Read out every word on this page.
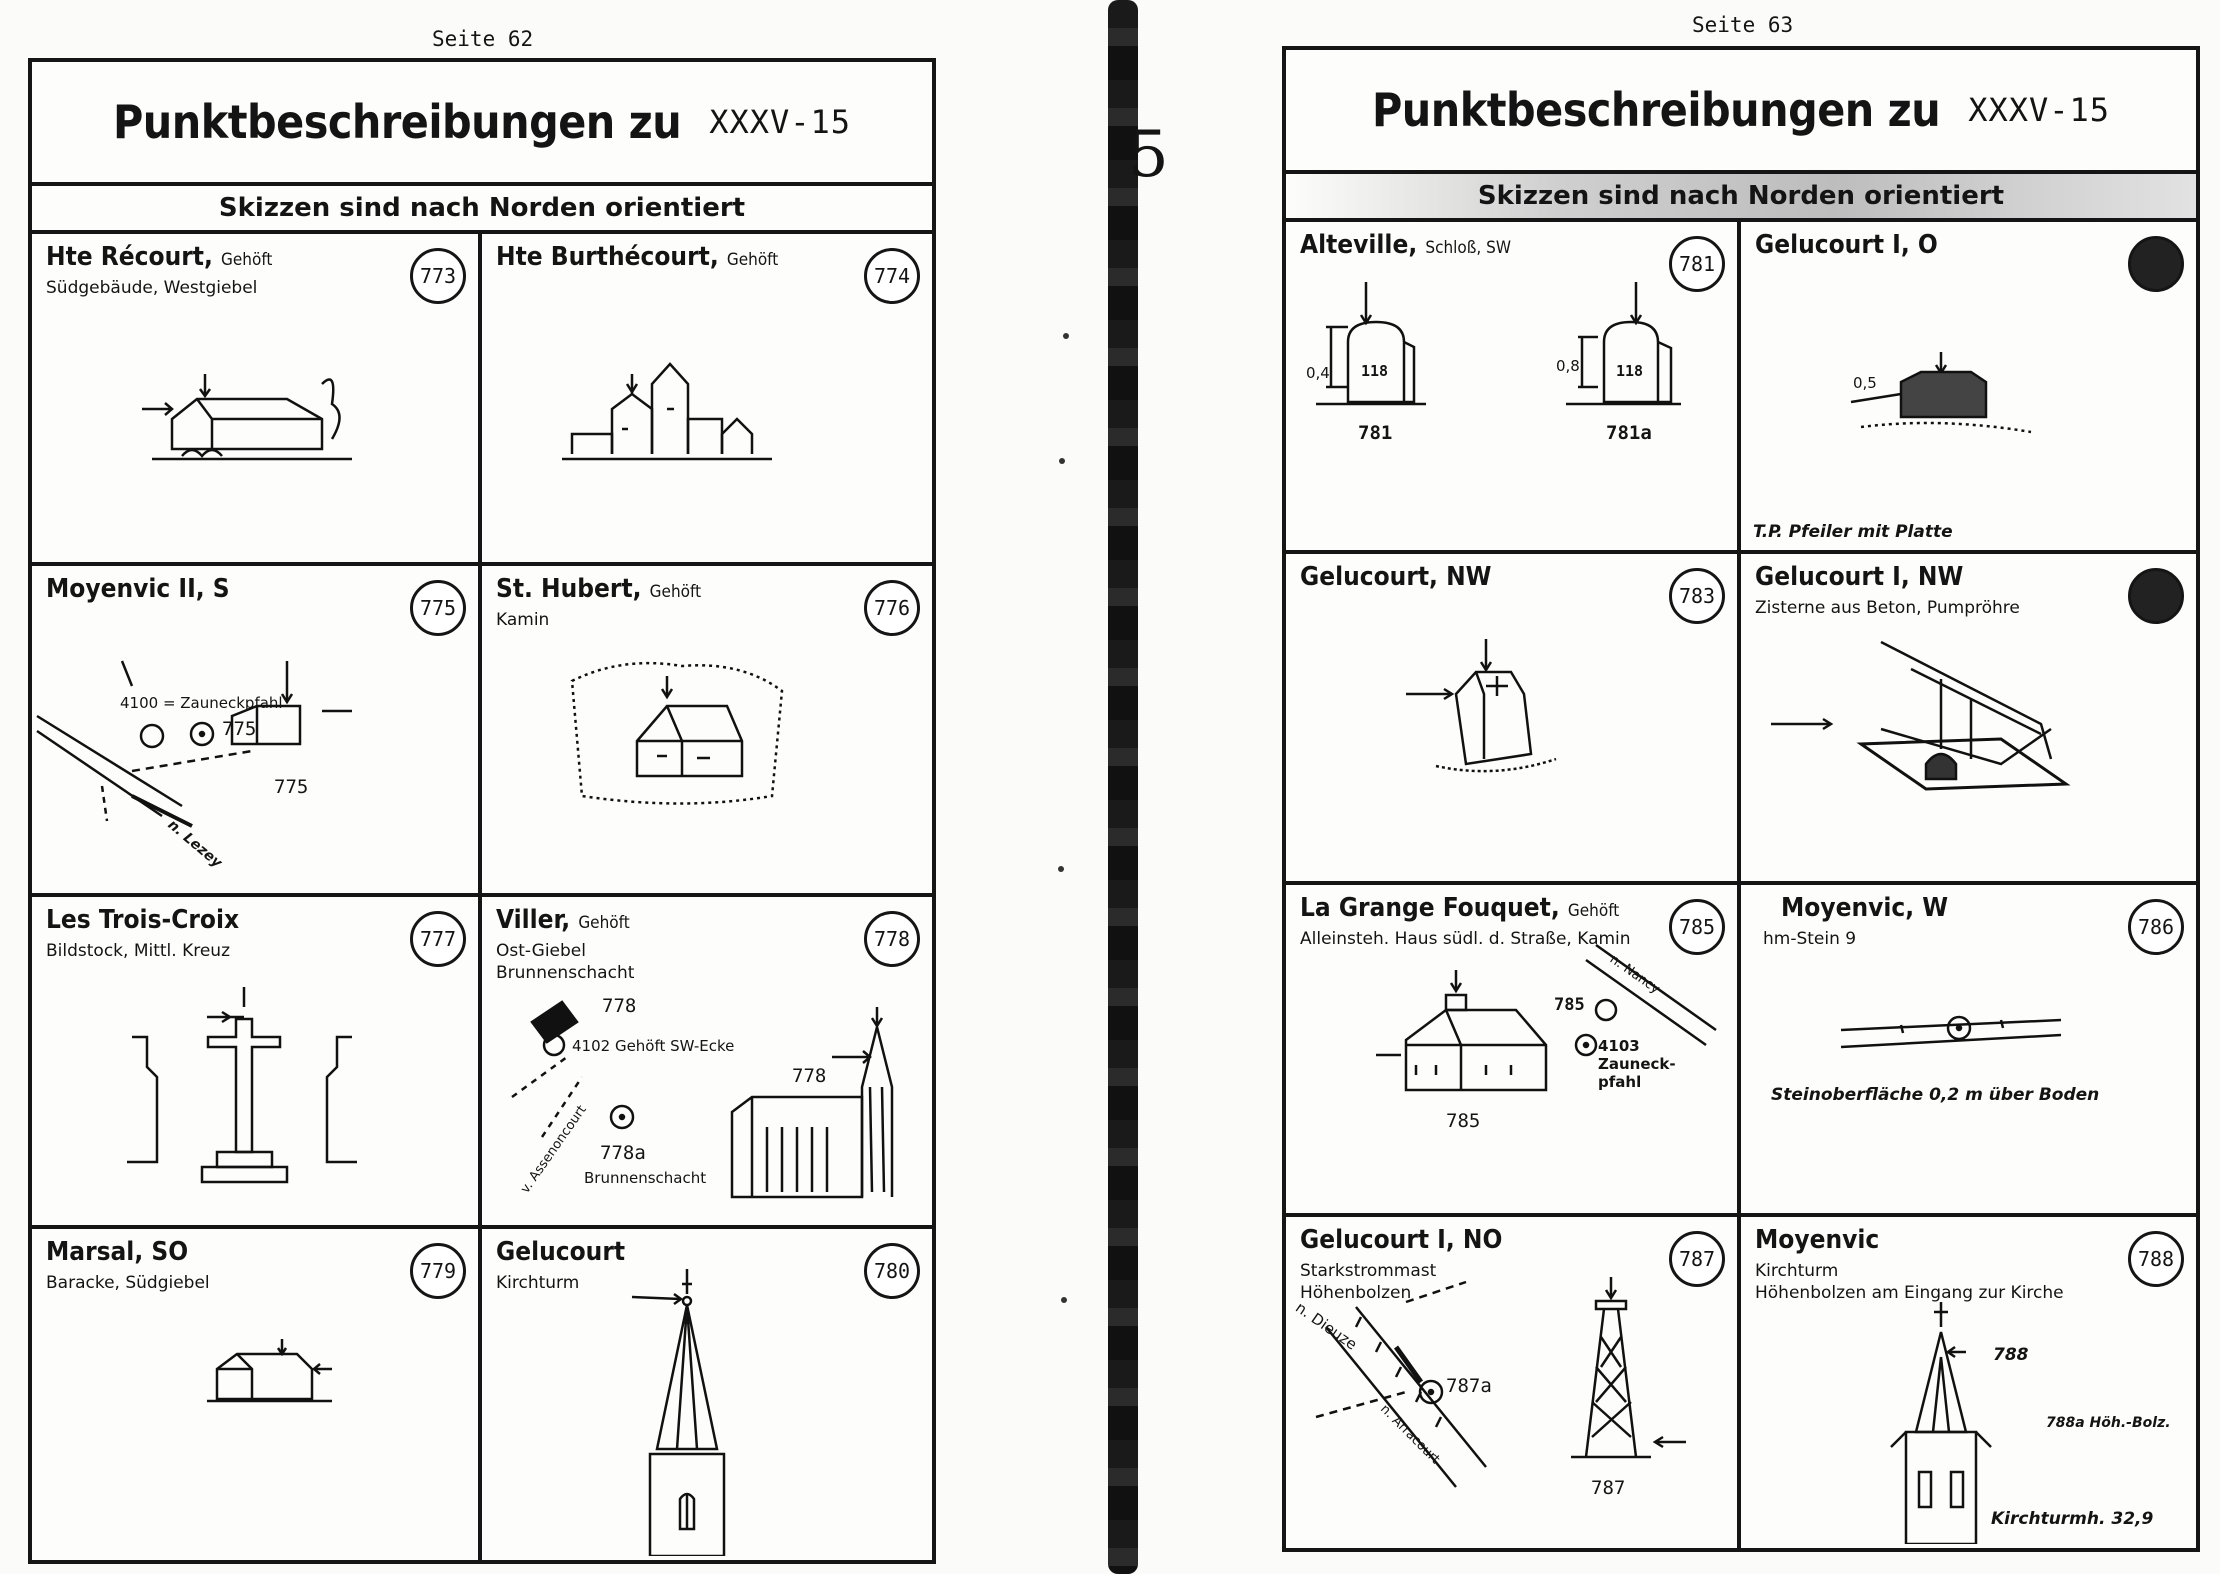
5
Seite 62
Punktbeschreibungen zu XXXV-15
Skizzen sind nach Norden orientiert
Hte Récourt, Gehöft
Südgebäude, Westgiebel	773
Hte Burthécourt, Gehöft
774
Moyenvic II, S
775
4100 = Zauneckpfahl
775
775
n. Lezey
St. Hubert, Gehöft
Kamin	776
Les Trois-Croix
Bildstock, Mittl. Kreuz	777
Viller, Gehöft
Ost-Giebel
Brunnenschacht
778
778
4102 Gehöft SW-Ecke
v. Assenoncourt 778a
Brunnenschacht
778
Marsal, SO
Baracke, Südgiebel	779
Gelucourt
Kirchturm	780
Seite 63
Punktbeschreibungen zu XXXV-15
Skizzen sind nach Norden orientiert
Alteville, Schloß, SW
781
0,4 118	0,8 118
781	781a
Gelucourt I, O
782
0,5
T.P. Pfeiler mit Platte
Gelucourt, NW
783
Gelucourt I, NW
Zisterne aus Beton, Pumpröhre	784
La Grange Fouquet, Gehöft
Alleinsteh. Haus südl. d. Straße, Kamin	785
n. Nancy
785
4103 Zauneck-pfahl
785
Moyenvic, W
hm-Stein 9	786
Steinoberfläche 0,2 m über Boden
Gelucourt I, NO
Starkstrommast
Höhenbolzen
787
n. Dieuze
787a
n. Arracourt
787
Moyenvic
Kirchturm
Höhenbolzen am Eingang zur Kirche
788
788
788a Höh.-Bolz.
Kirchturmh. 32,9
